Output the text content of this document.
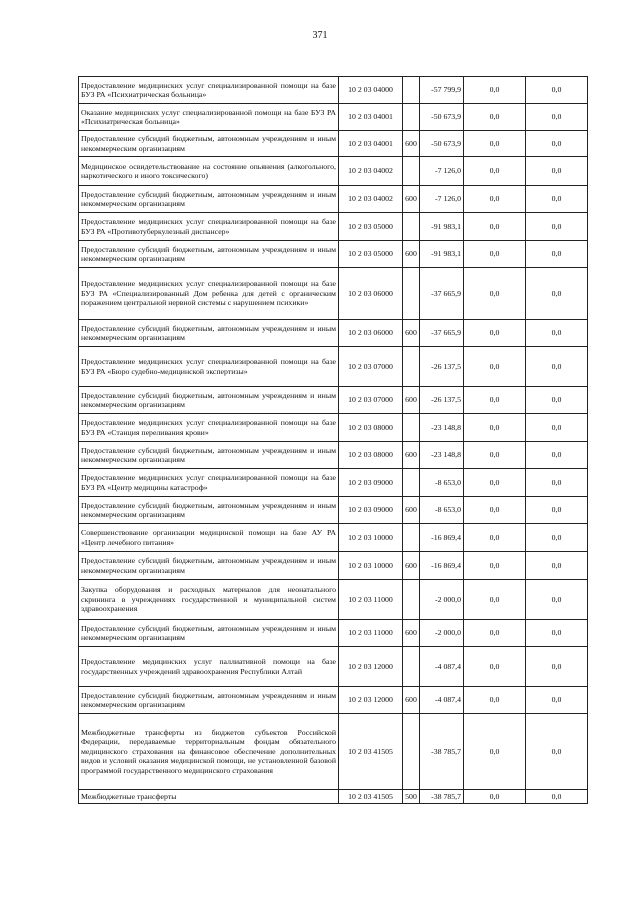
371
Предоставление медицинских услуг специализированной помощи на базе БУЗ РА «Психиатрическая больница»	10 2 03 04000		-57 799,9	0,0	0,0
Оказание медицинских услуг специализированной помощи на базе БУЗ РА «Психиатрическая больница»	10 2 03 04001		-50 673,9	0,0	0,0
Предоставление субсидий бюджетным, автономным учреждениям и иным некоммерческим организациям	10 2 03 04001	600	-50 673,9	0,0	0,0
Медицинское освидетельствование на состояние опьянения (алкогольного, наркотического и иного токсического)	10 2 03 04002		-7 126,0	0,0	0,0
Предоставление субсидий бюджетным, автономным учреждениям и иным некоммерческим организациям	10 2 03 04002	600	-7 126,0	0,0	0,0
Предоставление медицинских услуг специализированной помощи на базе БУЗ РА «Противотуберкулезный диспансер»	10 2 03 05000		-91 983,1	0,0	0,0
Предоставление субсидий бюджетным, автономным учреждениям и иным некоммерческим организациям	10 2 03 05000	600	-91 983,1	0,0	0,0
Предоставление медицинских услуг специализированной помощи на базе БУЗ РА «Специализированный Дом ребенка для детей с органическим поражением центральной нервной системы с нарушением психики»	10 2 03 06000		-37 665,9	0,0	0,0
Предоставление субсидий бюджетным, автономным учреждениям и иным некоммерческим организациям	10 2 03 06000	600	-37 665,9	0,0	0,0
Предоставление медицинских услуг специализированной помощи на базе БУЗ РА «Бюро судебно-медицинской экспертизы»	10 2 03 07000		-26 137,5	0,0	0,0
Предоставление субсидий бюджетным, автономным учреждениям и иным некоммерческим организациям	10 2 03 07000	600	-26 137,5	0,0	0,0
Предоставление медицинских услуг специализированной помощи на базе БУЗ РА «Станция переливания крови»	10 2 03 08000		-23 148,8	0,0	0,0
Предоставление субсидий бюджетным, автономным учреждениям и иным некоммерческим организациям	10 2 03 08000	600	-23 148,8	0,0	0,0
Предоставление медицинских услуг специализированной помощи на базе БУЗ РА «Центр медицины катастроф»	10 2 03 09000		-8 653,0	0,0	0,0
Предоставление субсидий бюджетным, автономным учреждениям и иным некоммерческим организациям	10 2 03 09000	600	-8 653,0	0,0	0,0
Совершенствование организации медицинской помощи на базе АУ РА «Центр лечебного питания»	10 2 03 10000		-16 869,4	0,0	0,0
Предоставление субсидий бюджетным, автономным учреждениям и иным некоммерческим организациям	10 2 03 10000	600	-16 869,4	0,0	0,0
Закупка оборудования и расходных материалов для неонатального скрининга в учреждениях государственной и муниципальной систем здравоохранения	10 2 03 11000		-2 000,0	0,0	0,0
Предоставление субсидий бюджетным, автономным учреждениям и иным некоммерческим организациям	10 2 03 11000	600	-2 000,0	0,0	0,0
Предоставление медицинских услуг паллиативной помощи на базе государственных учреждений здравоохранения Республики Алтай	10 2 03 12000		-4 087,4	0,0	0,0
Предоставление субсидий бюджетным, автономным учреждениям и иным некоммерческим организациям	10 2 03 12000	600	-4 087,4	0,0	0,0
Межбюджетные трансферты из бюджетов субъектов Российской Федерации, передаваемые территориальным фондам обязательного медицинского страхования на финансовое обеспечение дополнительных видов и условий оказания медицинской помощи, не установленной базовой программой государственного медицинского страхования	10 2 03 41505		-38 785,7	0,0	0,0
Межбюджетные трансферты	10 2 03 41505	500	-38 785,7	0,0	0,0
